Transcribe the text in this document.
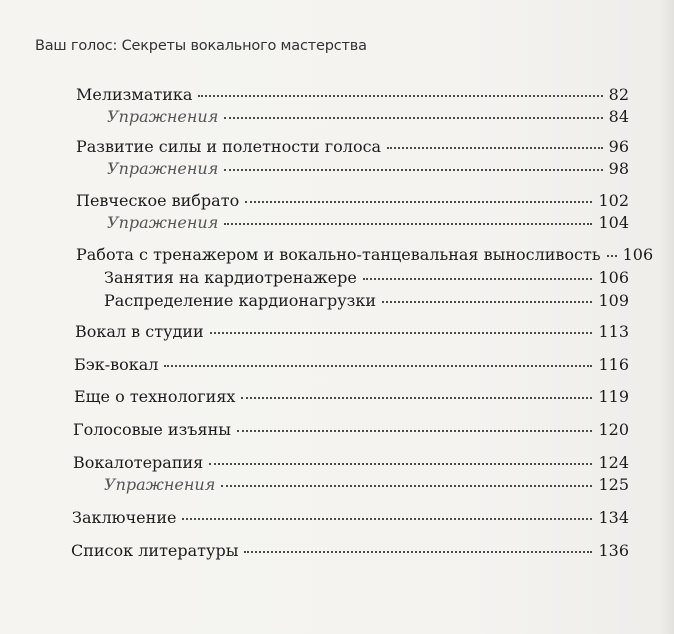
Ваш голос: Секреты вокального мастерства
Мелизматика	82
Упражнения	84
Развитие силы и полетности голоса	96
Упражнения	98
Певческое вибрато	102
Упражнения	104
Работа с тренажером и вокально-танцевальная выносливость 106
Занятия на кардиотренажере	106
Распределение кардионагрузки	109
Вокал в студии	113
Бэк-вокал	116
Еще о технологиях	119
Голосовые изъяны	120
Вокалотерапия	124
Упражнения	125
Заключение	134
Список литературы	136
